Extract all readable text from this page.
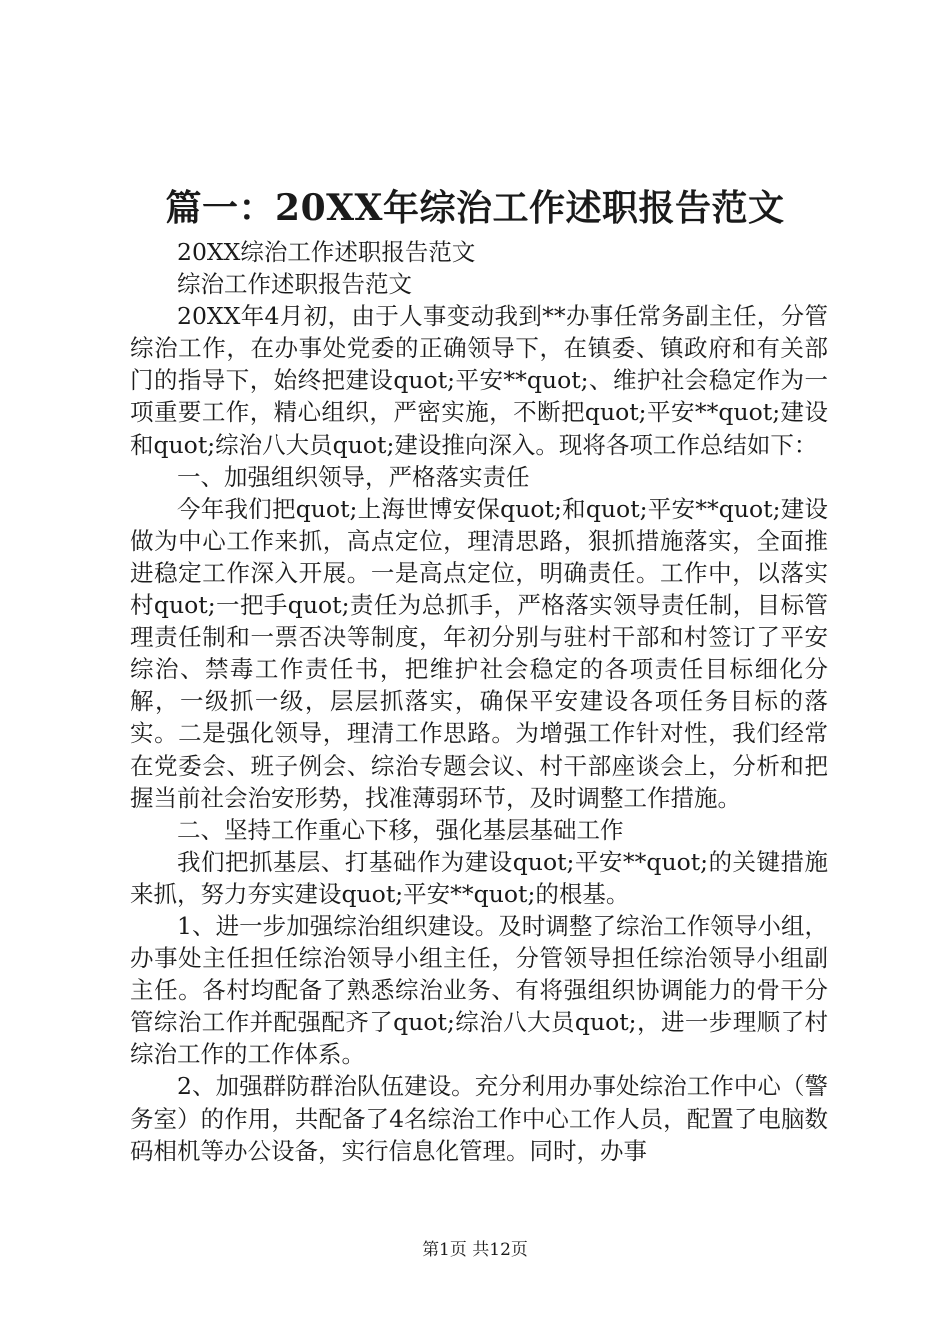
篇一：20XX年综治工作述职报告范文

20XX综治工作述职报告范文

综治工作述职报告范文

20XX年4月初，由于人事变动我到**办事任常务副主任，分管综治工作，在办事处党委的正确领导下，在镇委、镇政府和有关部门的指导下，始终把建设quot;平安**quot;、维护社会稳定作为一项重要工作，精心组织，严密实施，不断把quot;平安**quot;建设和quot;综治八大员quot;建设推向深入。现将各项工作总结如下：

一、加强组织领导，严格落实责任

今年我们把quot;上海世博安保quot;和quot;平安**quot;建设做为中心工作来抓，高点定位，理清思路，狠抓措施落实，全面推进稳定工作深入开展。一是高点定位，明确责任。工作中，以落实村quot;一把手quot;责任为总抓手，严格落实领导责任制，目标管理责任制和一票否决等制度，年初分别与驻村干部和村签订了平安综治、禁毒工作责任书，把维护社会稳定的各项责任目标细化分解，一级抓一级，层层抓落实，确保平安建设各项任务目标的落实。二是强化领导，理清工作思路。为增强工作针对性，我们经常在党委会、班子例会、综治专题会议、村干部座谈会上，分析和把握当前社会治安形势，找准薄弱环节，及时调整工作措施。

二、坚持工作重心下移，强化基层基础工作

我们把抓基层、打基础作为建设quot;平安**quot;的关键措施来抓，努力夯实建设quot;平安**quot;的根基。

1、进一步加强综治组织建设。及时调整了综治工作领导小组，办事处主任担任综治领导小组主任，分管领导担任综治领导小组副主任。各村均配备了熟悉综治业务、有将强组织协调能力的骨干分管综治工作并配强配齐了quot;综治八大员quot;，进一步理顺了村综治工作的工作体系。

2、加强群防群治队伍建设。充分利用办事处综治工作中心（警务室）的作用，共配备了4名综治工作中心工作人员，配置了电脑数码相机等办公设备，实行信息化管理。同时，办事

第1页 共12页
